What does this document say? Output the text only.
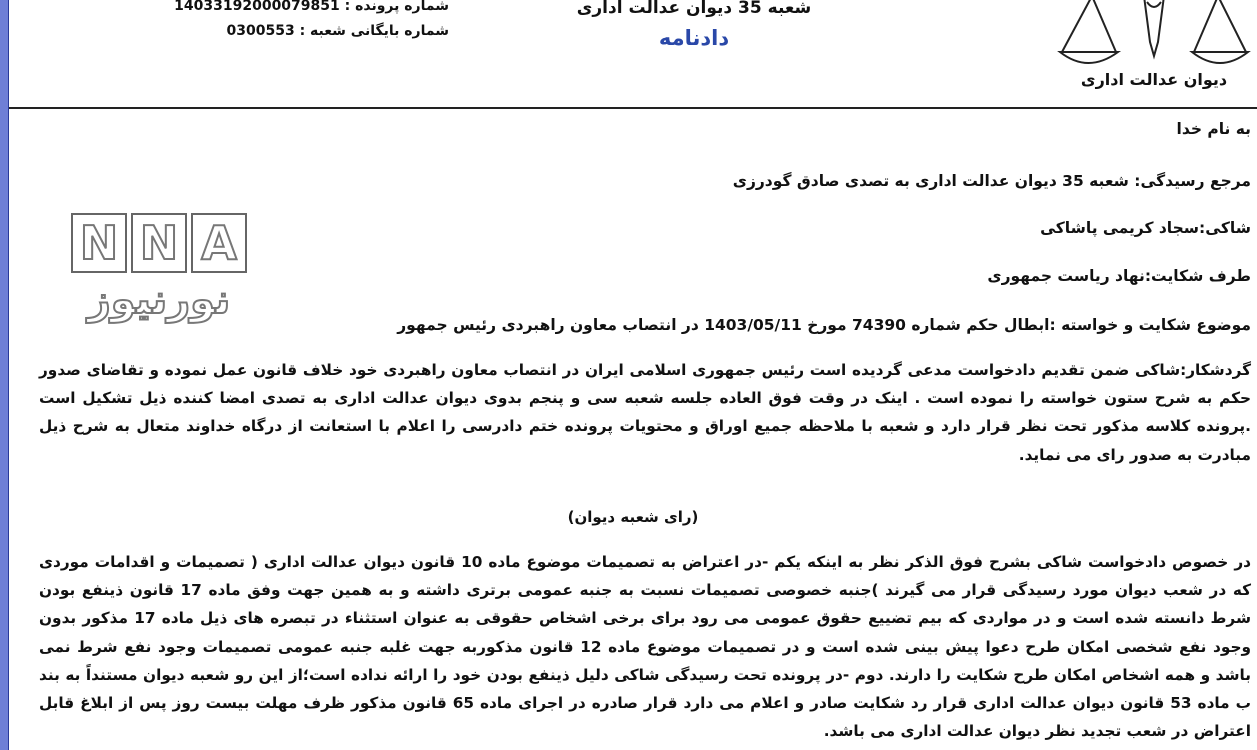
شماره پرونده : 14033192000079851
شماره بایگانی شعبه : 0300553
شعبه 35 دیوان عدالت اداری
دادنامه
دیوان عدالت اداری
N N A
نورنیوز
به نام خدا
مرجع رسیدگی: شعبه 35 دیوان عدالت اداری به تصدی صادق گودرزی
شاکی:سجاد کریمی پاشاکی
طرف شکایت:نهاد ریاست جمهوری
موضوع شکایت و خواسته :ابطال حکم شماره 74390 مورخ 1403/05/11 در انتصاب معاون راهبردی رئیس جمهور
گردشکار:شاکی ضمن تقدیم دادخواست مدعی گردیده است رئیس جمهوری اسلامی ایران در انتصاب معاون راهبردی خود خلاف قانون عمل نموده و تقاضای صدور حکم به شرح ستون خواسته را نموده است . اینک در وقت فوق العاده جلسه شعبه سی و پنجم بدوی دیوان عدالت اداری به تصدی امضا کننده ذیل تشکیل است .پرونده کلاسه مذکور تحت نظر قرار دارد و شعبه با ملاحظه جمیع اوراق و محتویات پرونده ختم دادرسی را اعلام با استعانت از درگاه خداوند متعال به شرح ذیل مبادرت به صدور رای می نماید.
(رای شعبه دیوان)
در خصوص دادخواست شاکی بشرح فوق الذکر نظر به اینکه یکم -در اعتراض به تصمیمات موضوع ماده 10 قانون دیوان عدالت اداری ( تصمیمات و اقدامات موردی که در شعب دیوان مورد رسیدگی قرار می گیرند )جنبه خصوصی تصمیمات نسبت به جنبه عمومی برتری داشته و به همین جهت وفق ماده 17 قانون ذینفع بودن شرط دانسته شده است و در مواردی که بیم تضییع حقوق عمومی می رود برای برخی اشخاص حقوقی به عنوان استثناء در تبصره های ذیل ماده 17 مذکور بدون وجود نفع شخصی امکان طرح دعوا پیش بینی شده است و در تصمیمات موضوع ماده 12 قانون مذکوربه جهت غلبه جنبه عمومی تصمیمات وجود نفع شرط نمی باشد و همه اشخاص امکان طرح شکایت را دارند. دوم -در پرونده تحت رسیدگی شاکی دلیل ذینفع بودن خود را ارائه نداده است؛از این رو شعبه دیوان مستنداً به بند ب ماده 53 قانون دیوان عدالت اداری قرار رد شکایت صادر و اعلام می دارد قرار صادره در اجرای ماده 65 قانون مذکور ظرف مهلت بیست روز پس از ابلاغ قابل اعتراض در شعب تجدید نظر دیوان عدالت اداری می باشد.
